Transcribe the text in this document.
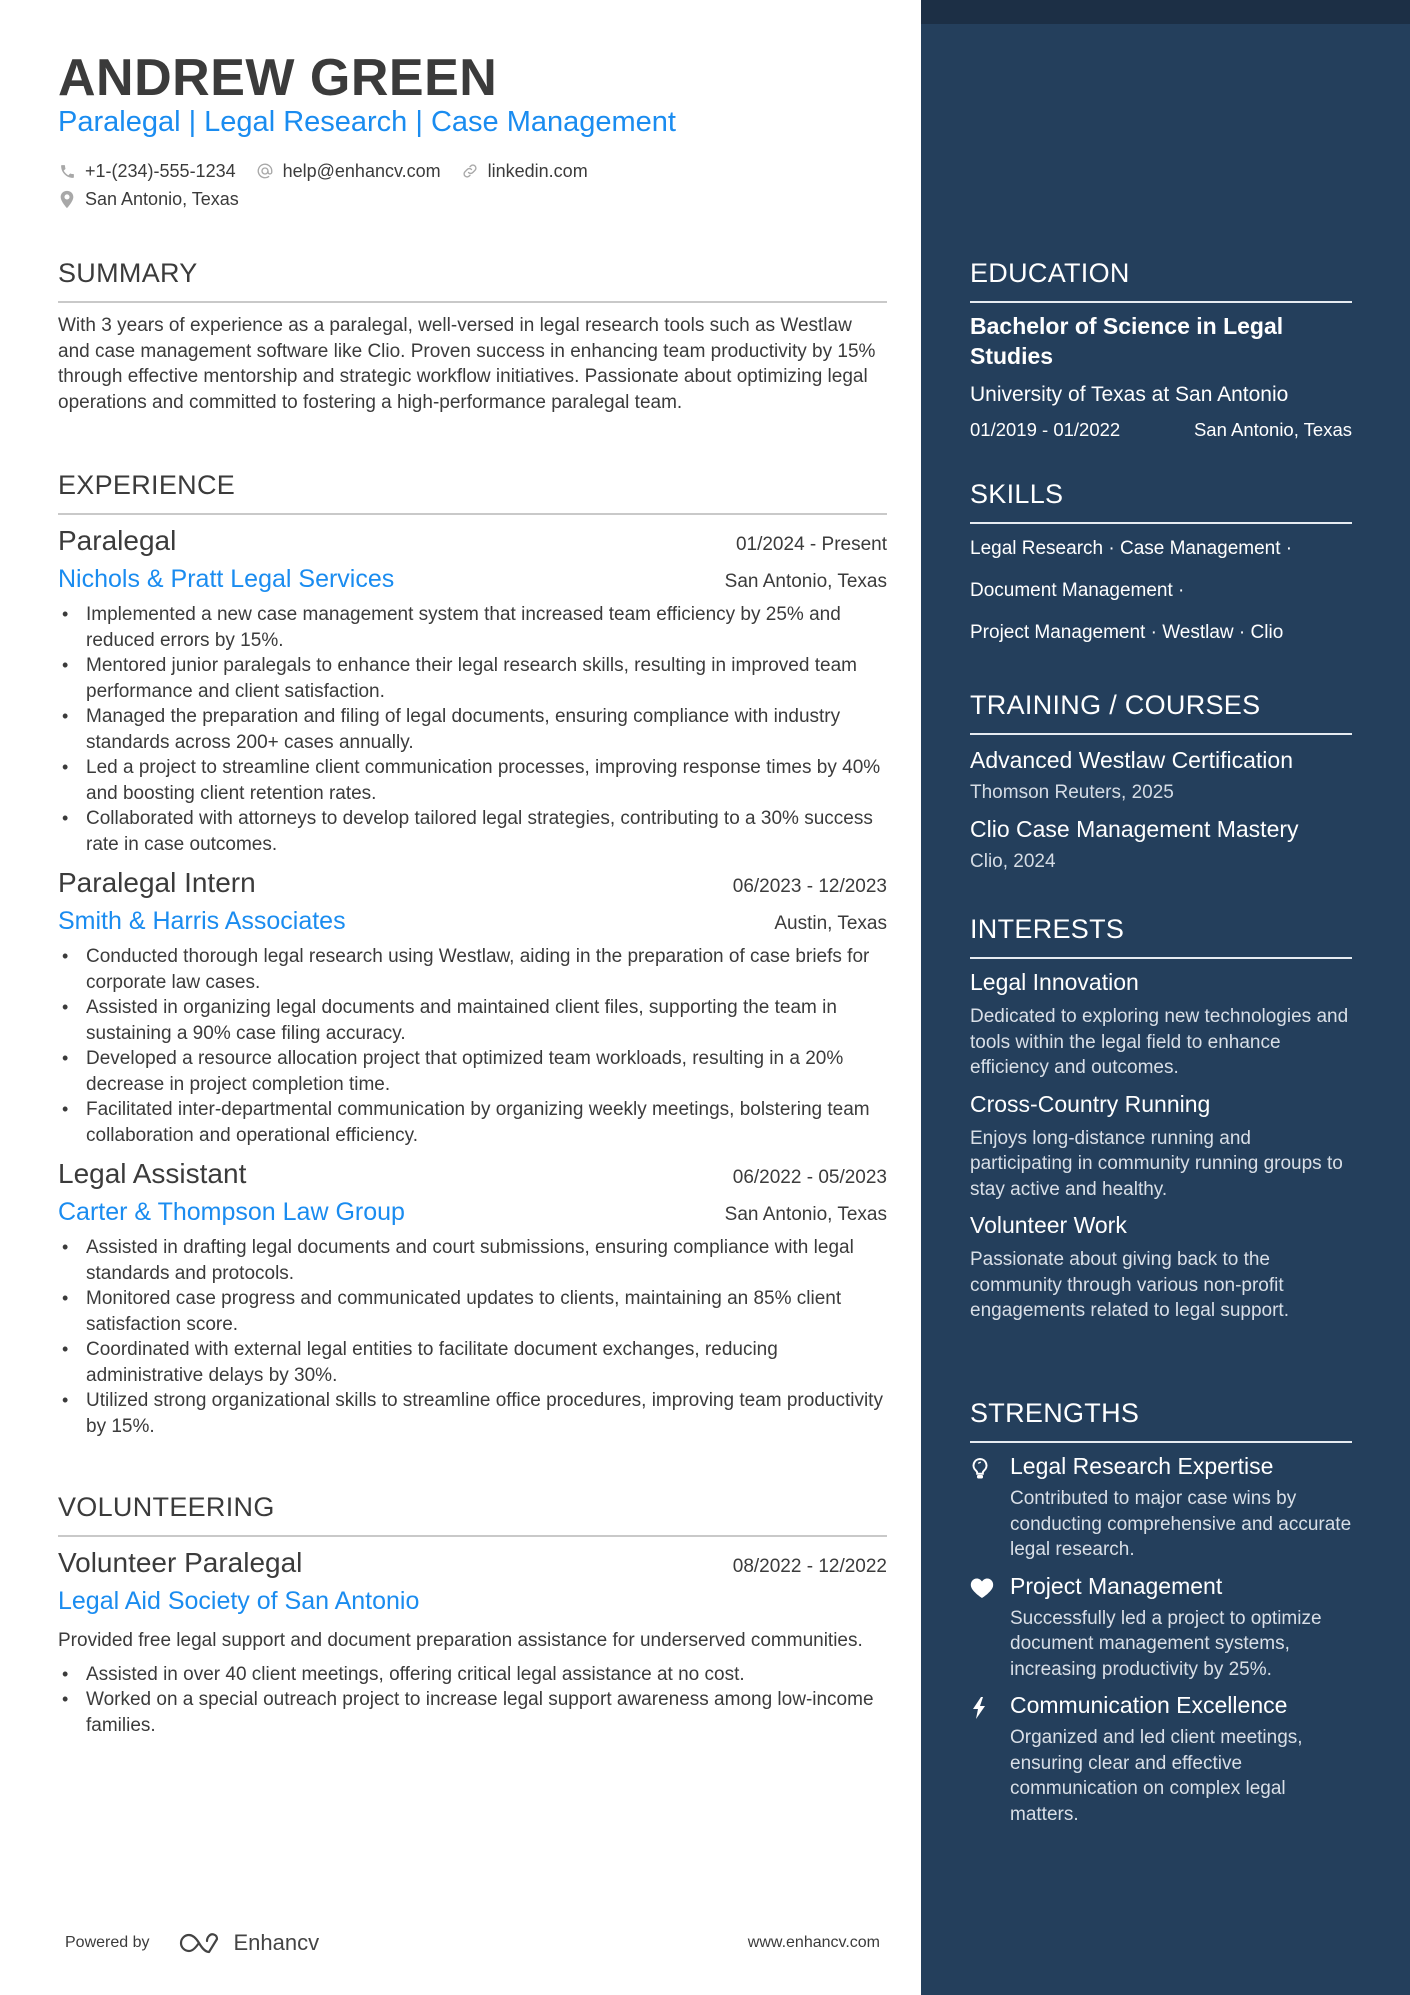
ANDREW GREEN
Paralegal | Legal Research | Case Management
+1-(234)-555-1234	help@enhancv.com	linkedin.com
San Antonio, Texas
SUMMARY
With 3 years of experience as a paralegal, well-versed in legal research tools such as Westlaw and case management software like Clio. Proven success in enhancing team productivity by 15% through effective mentorship and strategic workflow initiatives. Passionate about optimizing legal operations and committed to fostering a high-performance paralegal team.
EXPERIENCE
Paralegal	01/2024 - Present
Nichols & Pratt Legal Services	San Antonio, Texas
• Implemented a new case management system that increased team efficiency by 25% and reduced errors by 15%.
• Mentored junior paralegals to enhance their legal research skills, resulting in improved team performance and client satisfaction.
• Managed the preparation and filing of legal documents, ensuring compliance with industry standards across 200+ cases annually.
• Led a project to streamline client communication processes, improving response times by 40% and boosting client retention rates.
• Collaborated with attorneys to develop tailored legal strategies, contributing to a 30% success rate in case outcomes.
Paralegal Intern	06/2023 - 12/2023
Smith & Harris Associates	Austin, Texas
• Conducted thorough legal research using Westlaw, aiding in the preparation of case briefs for corporate law cases.
• Assisted in organizing legal documents and maintained client files, supporting the team in sustaining a 90% case filing accuracy.
• Developed a resource allocation project that optimized team workloads, resulting in a 20% decrease in project completion time.
• Facilitated inter-departmental communication by organizing weekly meetings, bolstering team collaboration and operational efficiency.
Legal Assistant	06/2022 - 05/2023
Carter & Thompson Law Group	San Antonio, Texas
• Assisted in drafting legal documents and court submissions, ensuring compliance with legal standards and protocols.
• Monitored case progress and communicated updates to clients, maintaining an 85% client satisfaction score.
• Coordinated with external legal entities to facilitate document exchanges, reducing administrative delays by 30%.
• Utilized strong organizational skills to streamline office procedures, improving team productivity by 15%.
VOLUNTEERING
Volunteer Paralegal	08/2022 - 12/2022
Legal Aid Society of San Antonio
Provided free legal support and document preparation assistance for underserved communities.
• Assisted in over 40 client meetings, offering critical legal assistance at no cost.
• Worked on a special outreach project to increase legal support awareness among low-income families.
Powered by	Enhancv	www.enhancv.com
EDUCATION
Bachelor of Science in Legal Studies
University of Texas at San Antonio
01/2019 - 01/2022	San Antonio, Texas
SKILLS
Legal Research · Case Management ·
Document Management ·
Project Management · Westlaw · Clio
TRAINING / COURSES
Advanced Westlaw Certification
Thomson Reuters, 2025
Clio Case Management Mastery
Clio, 2024
INTERESTS
Legal Innovation
Dedicated to exploring new technologies and tools within the legal field to enhance efficiency and outcomes.
Cross-Country Running
Enjoys long-distance running and participating in community running groups to stay active and healthy.
Volunteer Work
Passionate about giving back to the community through various non-profit engagements related to legal support.
STRENGTHS
Legal Research Expertise
Contributed to major case wins by conducting comprehensive and accurate legal research.
Project Management
Successfully led a project to optimize document management systems, increasing productivity by 25%.
Communication Excellence
Organized and led client meetings, ensuring clear and effective communication on complex legal matters.
